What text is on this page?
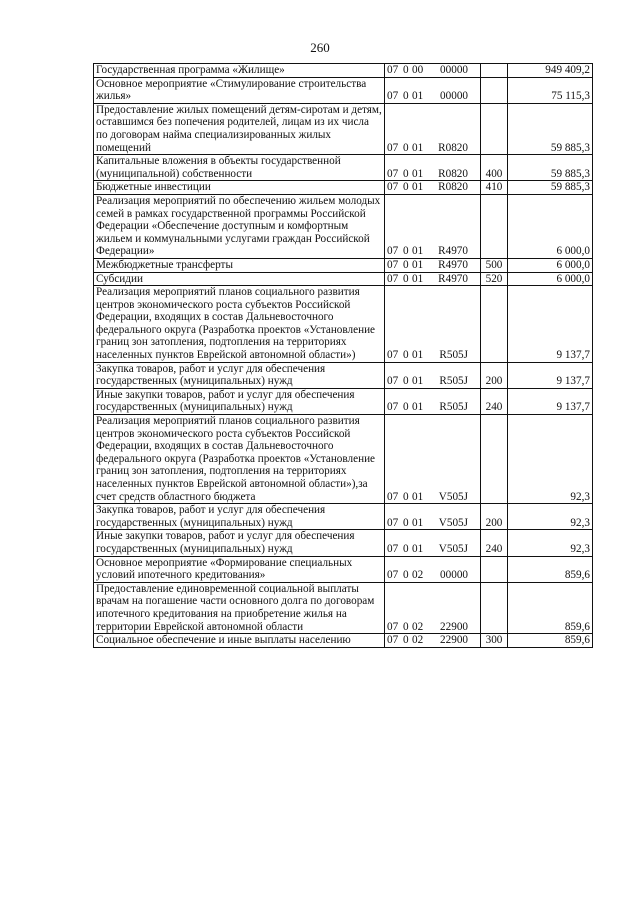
260
Государственная программа «Жилище»	07 0 00 00000		949 409,2
Основное мероприятие «Стимулирование строительства жилья»	07 0 01 00000		75 115,3
Предоставление жилых помещений детям-сиротам и детям, оставшимся без попечения родителей, лицам из их числа по договорам найма специализированных жилых помещений	07 0 01 R0820		59 885,3
Капитальные вложения в объекты государственной (муниципальной) собственности	07 0 01 R0820	400	59 885,3
Бюджетные инвестиции	07 0 01 R0820	410	59 885,3
Реализация мероприятий по обеспечению жильем молодых семей в рамках государственной программы Российской Федерации «Обеспечение доступным и комфортным жильем и коммунальными услугами граждан Российской Федерации»	07 0 01 R4970		6 000,0
Межбюджетные трансферты	07 0 01 R4970	500	6 000,0
Субсидии	07 0 01 R4970	520	6 000,0
Реализация мероприятий планов социального развития центров экономического роста субъектов Российской Федерации, входящих в состав Дальневосточного федерального округа (Разработка проектов «Установление границ зон затопления, подтопления на территориях населенных пунктов Еврейской автономной области»)	07 0 01 R505J		9 137,7
Закупка товаров, работ и услуг для обеспечения государственных (муниципальных) нужд	07 0 01 R505J	200	9 137,7
Иные закупки товаров, работ и услуг для обеспечения государственных (муниципальных) нужд	07 0 01 R505J	240	9 137,7
Реализация мероприятий планов социального развития центров экономического роста субъектов Российской Федерации, входящих в состав Дальневосточного федерального округа (Разработка проектов «Установление границ зон затопления, подтопления на территориях населенных пунктов Еврейской автономной области»),за счет средств областного бюджета	07 0 01 V505J		92,3
Закупка товаров, работ и услуг для обеспечения государственных (муниципальных) нужд	07 0 01 V505J	200	92,3
Иные закупки товаров, работ и услуг для обеспечения государственных (муниципальных) нужд	07 0 01 V505J	240	92,3
Основное мероприятие «Формирование специальных условий ипотечного кредитования»	07 0 02 00000		859,6
Предоставление единовременной социальной выплаты врачам на погашение части основного долга по договорам ипотечного кредитования на приобретение жилья на территории Еврейской автономной области	07 0 02 22900		859,6
Социальное обеспечение и иные выплаты населению	07 0 02 22900	300	859,6
